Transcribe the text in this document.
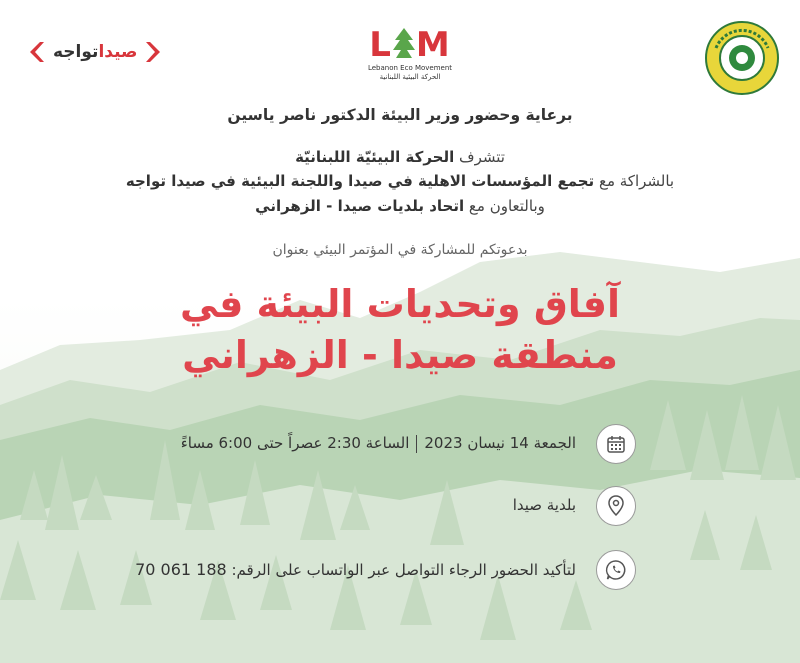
صيداتواجه	L M
Lebanon Eco Movement
الحركة البيئية اللبنانية
برعاية وحضور وزير البيئة الدكتور ناصر ياسين
تتشرف الحركة البيئيّة اللبنانيّة
بالشراكة مع تجمع المؤسسات الاهلية في صيدا واللجنة البيئية في صيدا تواجه
وبالتعاون مع اتحاد بلديات صيدا - الزهراني
بدعوتكم للمشاركة في المؤتمر البيئي بعنوان
آفاق وتحديات البيئة في
منطقة صيدا - الزهراني
الجمعة 14 نيسان 2023الساعة 2:30 عصراً حتى 6:00 مساءً
بلدية صيدا
لتأكيد الحضور الرجاء التواصل عبر الواتساب على الرقم: 70 061 188
